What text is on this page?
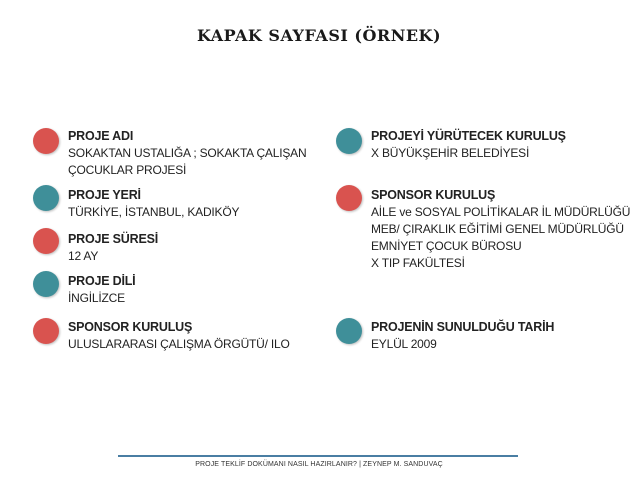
KAPAK SAYFASI (ÖRNEK)
PROJE ADI
SOKAKTAN USTALIĞA ; SOKAKTA ÇALIŞAN
ÇOCUKLAR PROJESİ
PROJE YERİ
TÜRKİYE, İSTANBUL, KADIKÖY
PROJE SÜRESİ
12 AY
PROJE DİLİ
İNGİLİZCE
SPONSOR KURULUŞ
ULUSLARARASI ÇALIŞMA ÖRGÜTÜ/ ILO
PROJEYİ YÜRÜTECEK KURULUŞ
X BÜYÜKŞEHİR BELEDİYESİ
SPONSOR KURULUŞ
AİLE ve SOSYAL POLİTİKALAR İL MÜDÜRLÜĞÜ
MEB/ ÇIRAKLIK EĞİTİMİ GENEL MÜDÜRLÜĞÜ
EMNİYET ÇOCUK BÜROSU
X TIP FAKÜLTESİ
PROJENİN SUNULDUĞU TARİH
EYLÜL 2009
PROJE TEKLİF DOKÜMANI NASIL HAZIRLANIR? | ZEYNEP M. SANDUVAÇ
